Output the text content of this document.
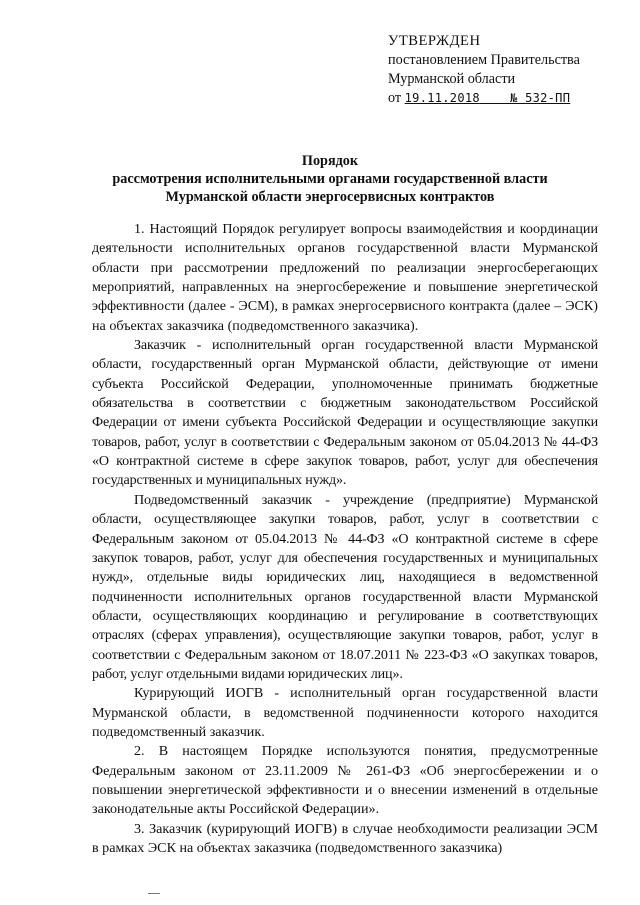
УТВЕРЖДЕН
постановлением Правительства
Мурманской области
от 19.11.2018	№ 532-ПП
Порядок
рассмотрения исполнительными органами государственной власти
Мурманской области энергосервисных контрактов

1. Настоящий Порядок регулирует вопросы взаимодействия и координации деятельности исполнительных органов государственной власти Мурманской области при рассмотрении предложений по реализации энергосберегающих мероприятий, направленных на энергосбережение и повышение энергетической эффективности (далее - ЭСМ), в рамках энергосервисного контракта (далее – ЭСК) на объектах заказчика (подведомственного заказчика).

Заказчик - исполнительный орган государственной власти Мурманской области, государственный орган Мурманской области, действующие от имени субъекта Российской Федерации, уполномоченные принимать бюджетные обязательства в соответствии с бюджетным законодательством Российской Федерации от имени субъекта Российской Федерации и осуществляющие закупки товаров, работ, услуг в соответствии с Федеральным законом от 05.04.2013 № 44-ФЗ «О контрактной системе в сфере закупок товаров, работ, услуг для обеспечения государственных и муниципальных нужд».

Подведомственный заказчик - учреждение (предприятие) Мурманской области, осуществляющее закупки товаров, работ, услуг в соответствии с Федеральным законом от 05.04.2013 № 44-ФЗ «О контрактной системе в сфере закупок товаров, работ, услуг для обеспечения государственных и муниципальных нужд», отдельные виды юридических лиц, находящиеся в ведомственной подчиненности исполнительных органов государственной власти Мурманской области, осуществляющих координацию и регулирование в соответствующих отраслях (сферах управления), осуществляющие закупки товаров, работ, услуг в соответствии с Федеральным законом от 18.07.2011 № 223-ФЗ «О закупках товаров, работ, услуг отдельными видами юридических лиц».

Курирующий ИОГВ - исполнительный орган государственной власти Мурманской области, в ведомственной подчиненности которого находится подведомственный заказчик.

2. В настоящем Порядке используются понятия, предусмотренные Федеральным законом от 23.11.2009 № 261-ФЗ «Об энергосбережении и о повышении энергетической эффективности и о внесении изменений в отдельные законодательные акты Российской Федерации».

3. Заказчик (курирующий ИОГВ) в случае необходимости реализации ЭСМ в рамках ЭСК на объектах заказчика (подведомственного заказчика)
